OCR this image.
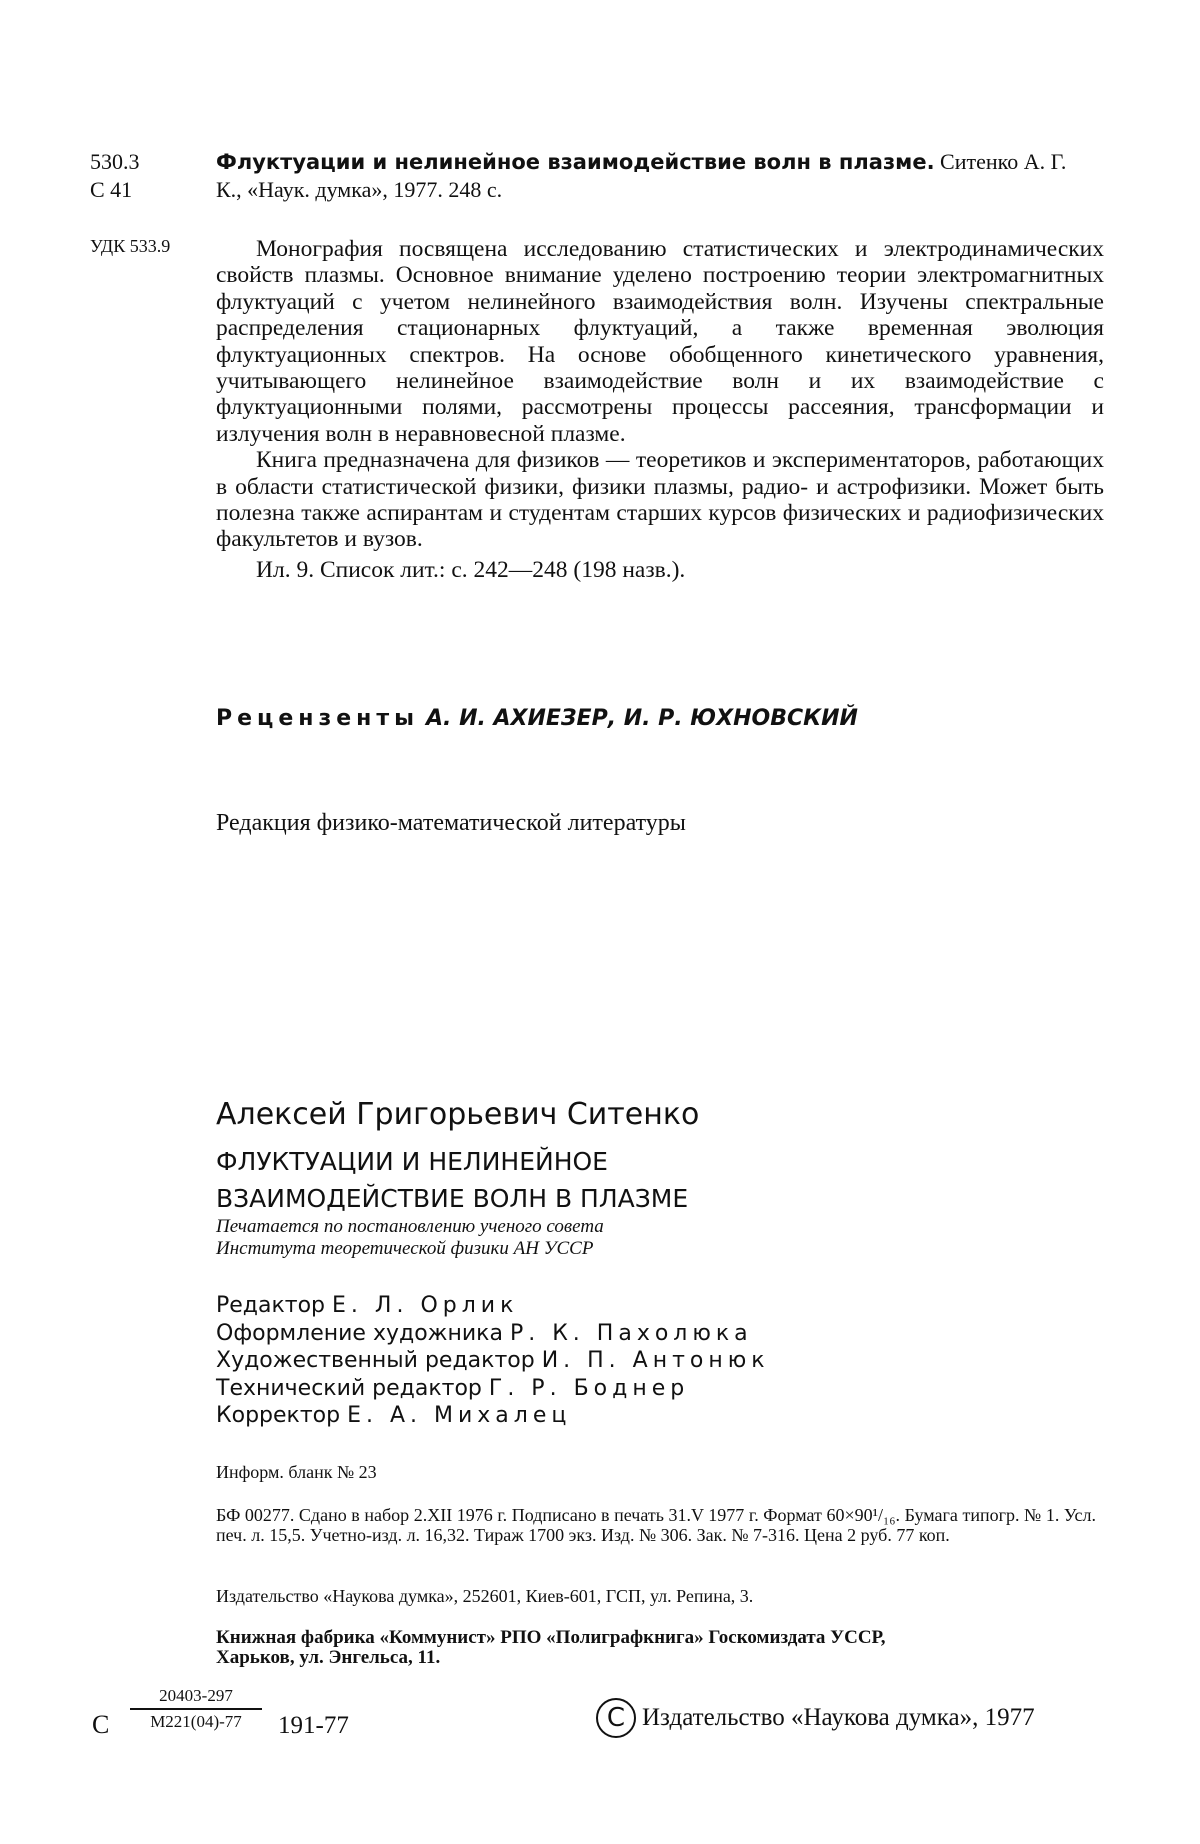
530.3
С 41
Флуктуации и нелинейное взаимодействие волн в плазме. Ситенко А. Г.
К., «Наук. думка», 1977. 248 с.
УДК 533.9	Монография посвящена исследованию статистических и электродинамических свойств плазмы. Основное внимание уделено построению теории электромагнитных флуктуаций с учетом нелинейного взаимодействия волн. Изучены спектральные распределения стационарных флуктуаций, а также временная эволюция флуктуационных спектров. На основе обобщенного кинетического уравнения, учитывающего нелинейное взаимодействие волн и их взаимодействие с флуктуационными полями, рассмотрены процессы рассеяния, трансформации и излучения волн в неравновесной плазме.

Книга предназначена для физиков — теоретиков и экспериментаторов, работающих в области статистической физики, физики плазмы, радио- и астрофизики. Может быть полезна также аспирантам и студентам старших курсов физических и радиофизических факультетов и вузов.

Ил. 9. Список лит.: с. 242—248 (198 назв.).

Рецензенты А. И. АХИЕЗЕР, И. Р. ЮХНОВСКИЙ
Редакция физико-математической литературы
Алексей Григорьевич Ситенко
ФЛУКТУАЦИИ И НЕЛИНЕЙНОЕ
ВЗАИМОДЕЙСТВИЕ ВОЛН В ПЛАЗМЕ
Печатается по постановлению ученого совета
Института теоретической физики АН УССР
Редактор Е. Л. Орлик
Оформление художника Р. К. Пахолюка
Художественный редактор И. П. Антонюк
Технический редактор Г. Р. Боднер
Корректор Е. А. Михалец
Информ. бланк № 23
БФ 00277. Сдано в набор 2.XII 1976 г. Подписано в печать 31.V 1977 г. Формат 60×90¹/₁₆. Бумага типогр. № 1. Усл. печ. л. 15,5. Учетно-изд. л. 16,32. Тираж 1700 экз. Изд. № 306. Зак. № 7-316. Цена 2 руб. 77 коп.
Издательство «Наукова думка», 252601, Киев-601, ГСП, ул. Репина, 3.
Книжная фабрика «Коммунист» РПО «Полиграфкнига» Госкомиздата УССР,
Харьков, ул. Энгельса, 11.
С
20403-297
М221(04)-77	191-77	C Издательство «Наукова думка», 1977
